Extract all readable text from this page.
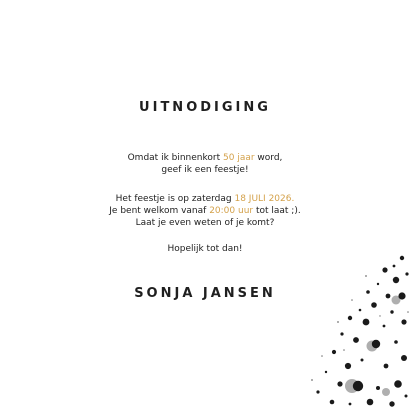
UITNODIGING
Omdat ik binnenkort 50 jaar word,
geef ik een feestje!
Het feestje is op zaterdag 18 JULI 2026.
Je bent welkom vanaf 20:00 uur tot laat ;).
Laat je even weten of je komt?
Hopelijk tot dan!
SONJA JANSEN
